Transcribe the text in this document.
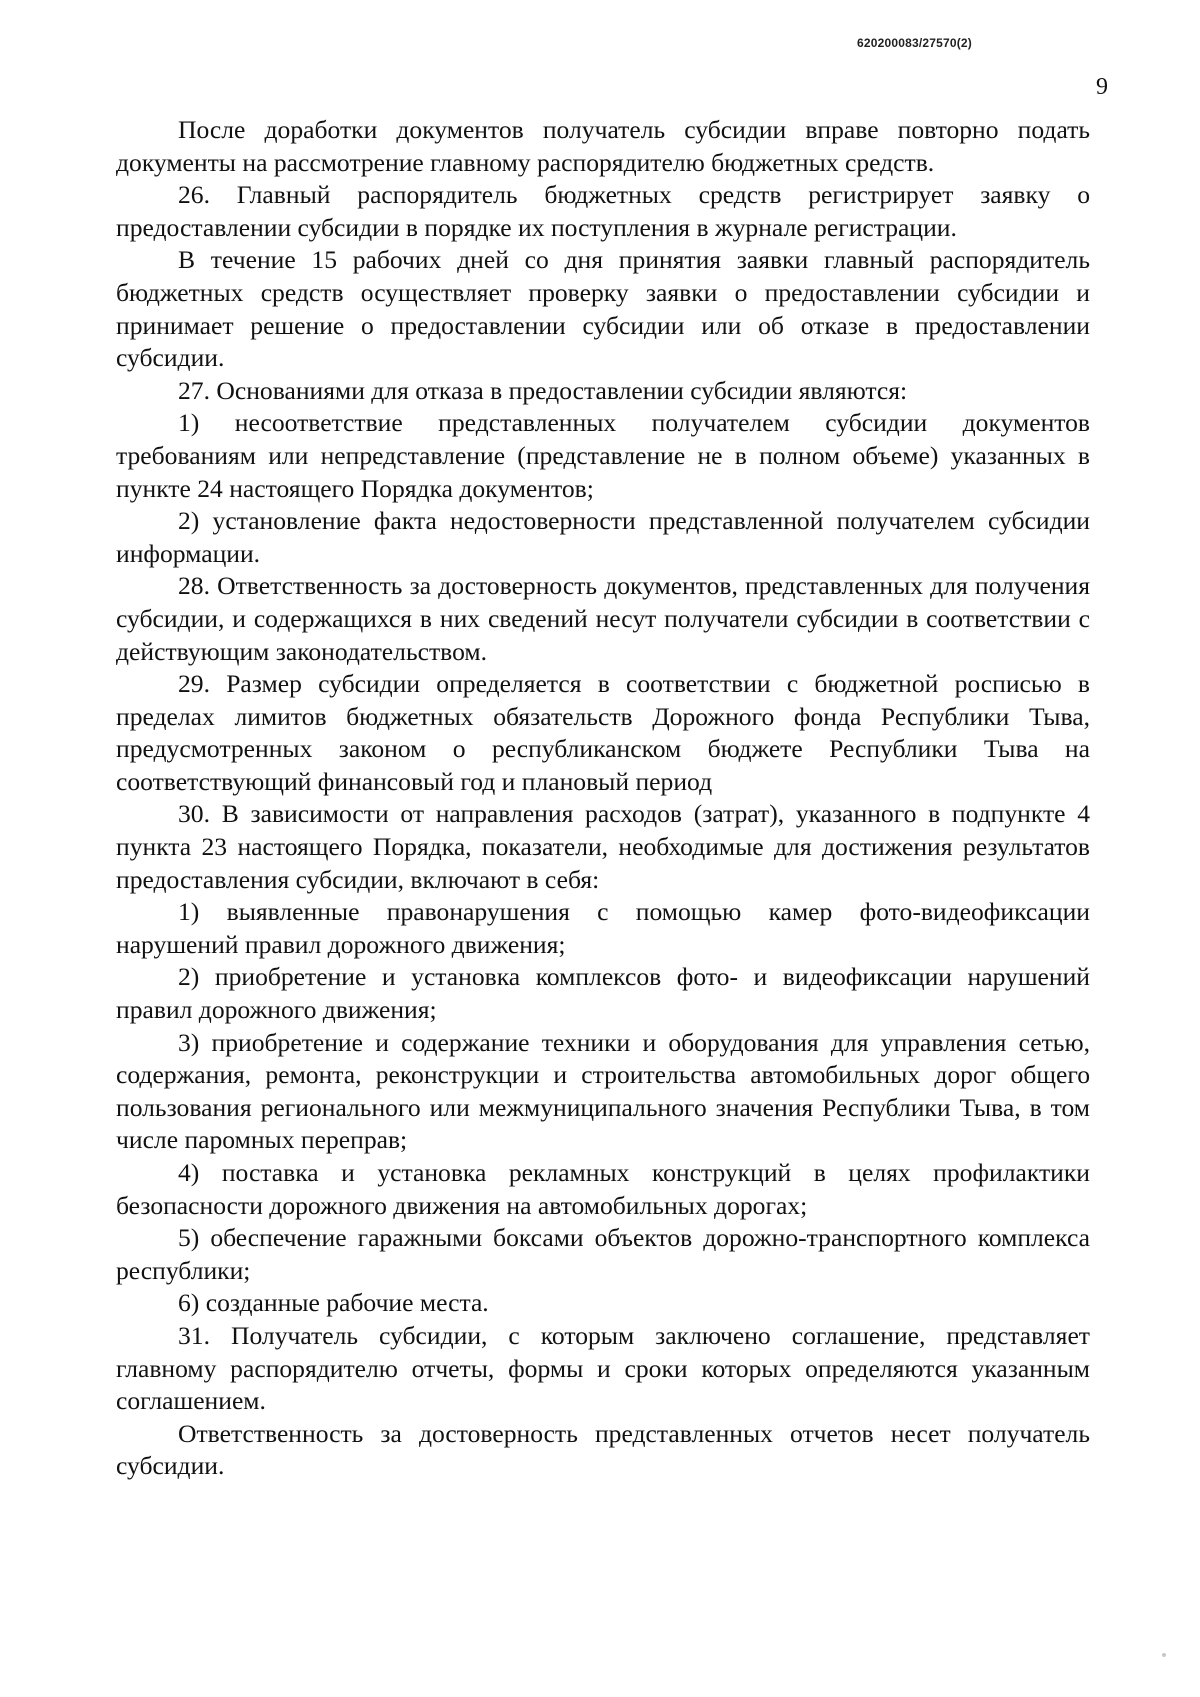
620200083/27570(2)
9

После доработки документов получатель субсидии вправе повторно подать документы на рассмотрение главному распорядителю бюджетных средств.

26. Главный распорядитель бюджетных средств регистрирует заявку о предоставлении субсидии в порядке их поступления в журнале регистрации.

В течение 15 рабочих дней со дня принятия заявки главный распорядитель бюджетных средств осуществляет проверку заявки о предоставлении субсидии и принимает решение о предоставлении субсидии или об отказе в предоставлении субсидии.

27. Основаниями для отказа в предоставлении субсидии являются:

1) несоответствие представленных получателем субсидии документов требованиям или непредставление (представление не в полном объеме) указанных в пункте 24 настоящего Порядка документов;

2) установление факта недостоверности представленной получателем субсидии информации.

28. Ответственность за достоверность документов, представленных для получения субсидии, и содержащихся в них сведений несут получатели субсидии в соответствии с действующим законодательством.

29. Размер субсидии определяется в соответствии с бюджетной росписью в пределах лимитов бюджетных обязательств Дорожного фонда Республики Тыва, предусмотренных законом о республиканском бюджете Республики Тыва на соответствующий финансовый год и плановый период

30. В зависимости от направления расходов (затрат), указанного в подпункте 4 пункта 23 настоящего Порядка, показатели, необходимые для достижения результатов предоставления субсидии, включают в себя:

1) выявленные правонарушения с помощью камер фото-видеофиксации нарушений правил дорожного движения;

2) приобретение и установка комплексов фото- и видеофиксации нарушений правил дорожного движения;

3) приобретение и содержание техники и оборудования для управления сетью, содержания, ремонта, реконструкции и строительства автомобильных дорог общего пользования регионального или межмуниципального значения Республики Тыва, в том числе паромных переправ;

4) поставка и установка рекламных конструкций в целях профилактики безопасности дорожного движения на автомобильных дорогах;

5) обеспечение гаражными боксами объектов дорожно-транспортного комплекса республики;

6) созданные рабочие места.

31. Получатель субсидии, с которым заключено соглашение, представляет главному распорядителю отчеты, формы и сроки которых определяются указанным соглашением.

Ответственность за достоверность представленных отчетов несет получатель субсидии.
